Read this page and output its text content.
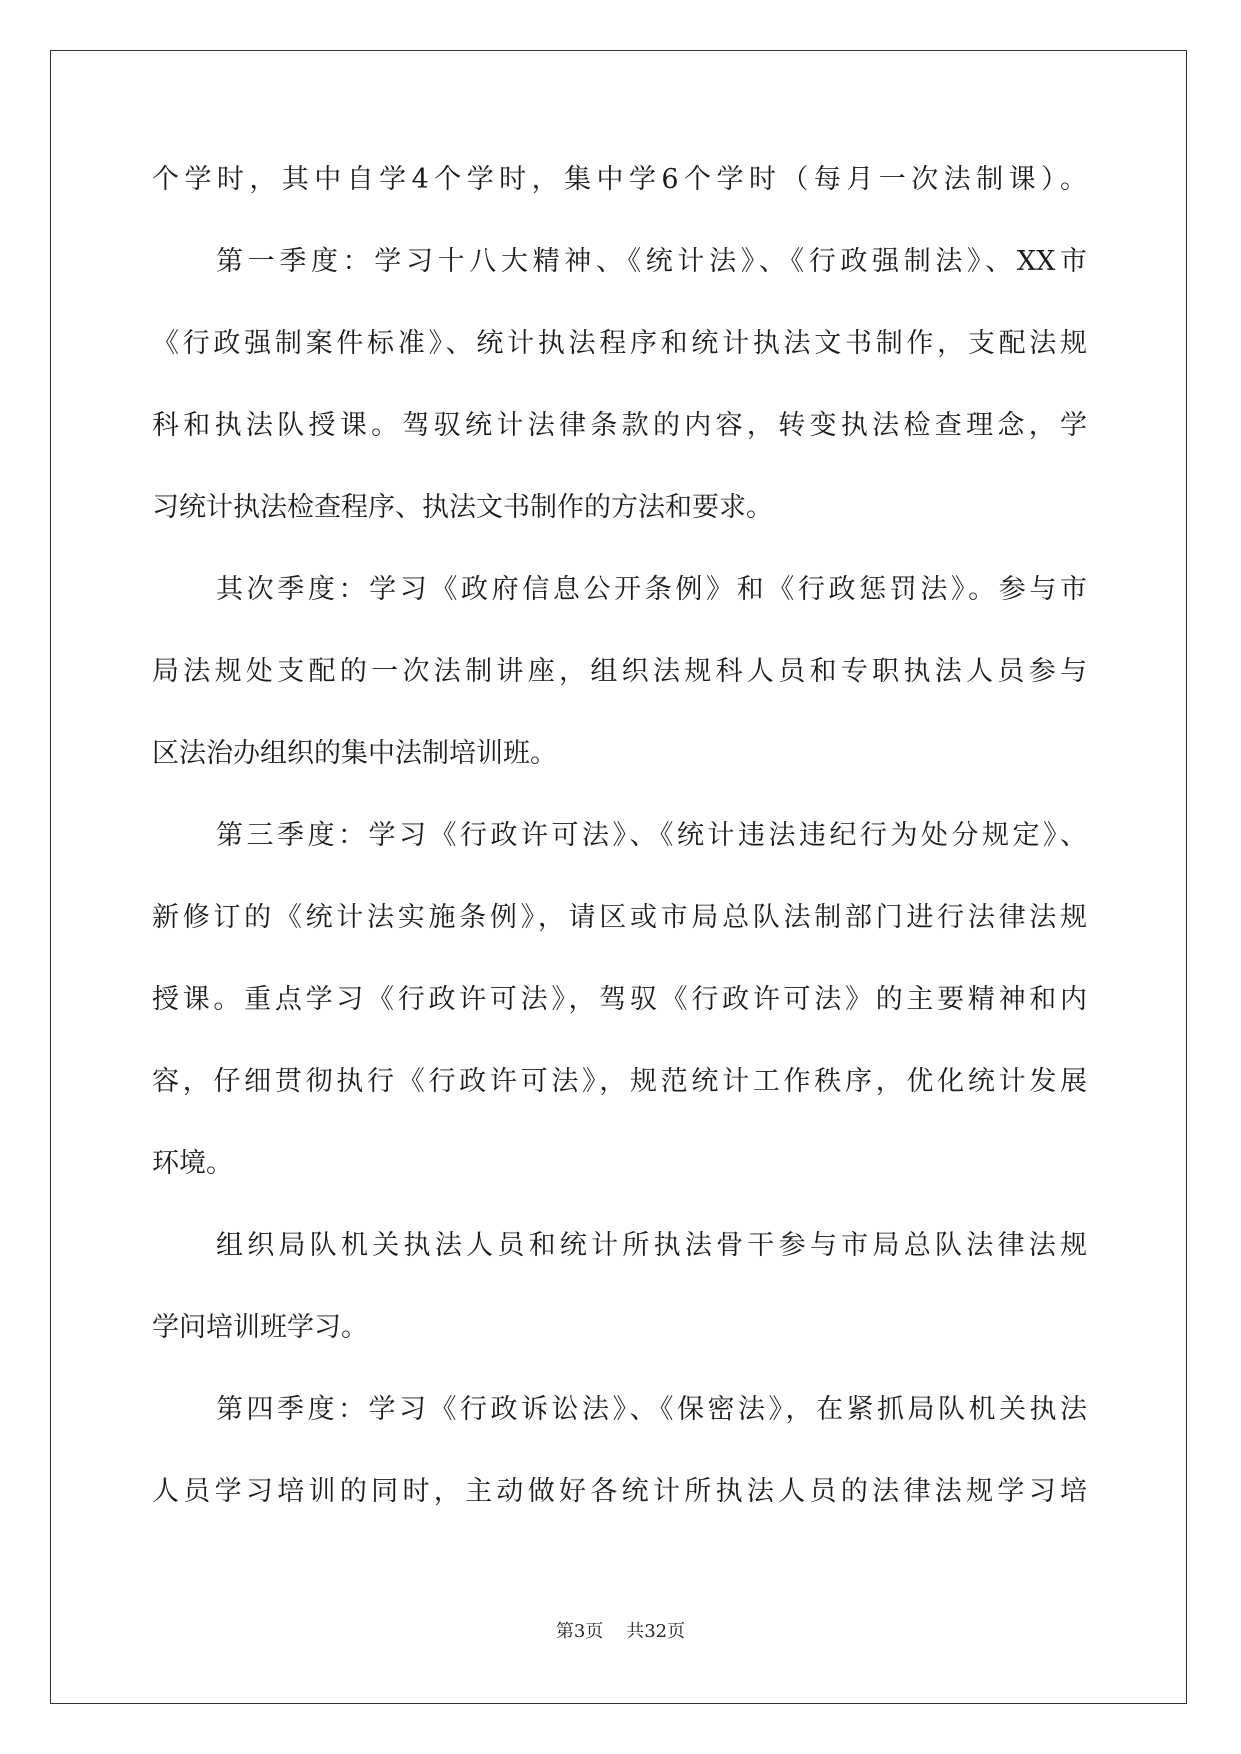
个学时，其中自学4个学时，集中学6个学时（每月一次法制课）。
第一季度：学习十八大精神、《统计法》、《行政强制法》、XX市
《行政强制案件标准》、统计执法程序和统计执法文书制作，支配法规
科和执法队授课。驾驭统计法律条款的内容，转变执法检查理念，学
习统计执法检查程序、执法文书制作的方法和要求。
其次季度：学习《政府信息公开条例》和《行政惩罚法》。参与市
局法规处支配的一次法制讲座，组织法规科人员和专职执法人员参与
区法治办组织的集中法制培训班。
第三季度：学习《行政许可法》、《统计违法违纪行为处分规定》、
新修订的《统计法实施条例》，请区或市局总队法制部门进行法律法规
授课。重点学习《行政许可法》，驾驭《行政许可法》的主要精神和内
容，仔细贯彻执行《行政许可法》，规范统计工作秩序，优化统计发展
环境。
组织局队机关执法人员和统计所执法骨干参与市局总队法律法规
学问培训班学习。
第四季度：学习《行政诉讼法》、《保密法》，在紧抓局队机关执法
人员学习培训的同时，主动做好各统计所执法人员的法律法规学习培
第3页 共32页
